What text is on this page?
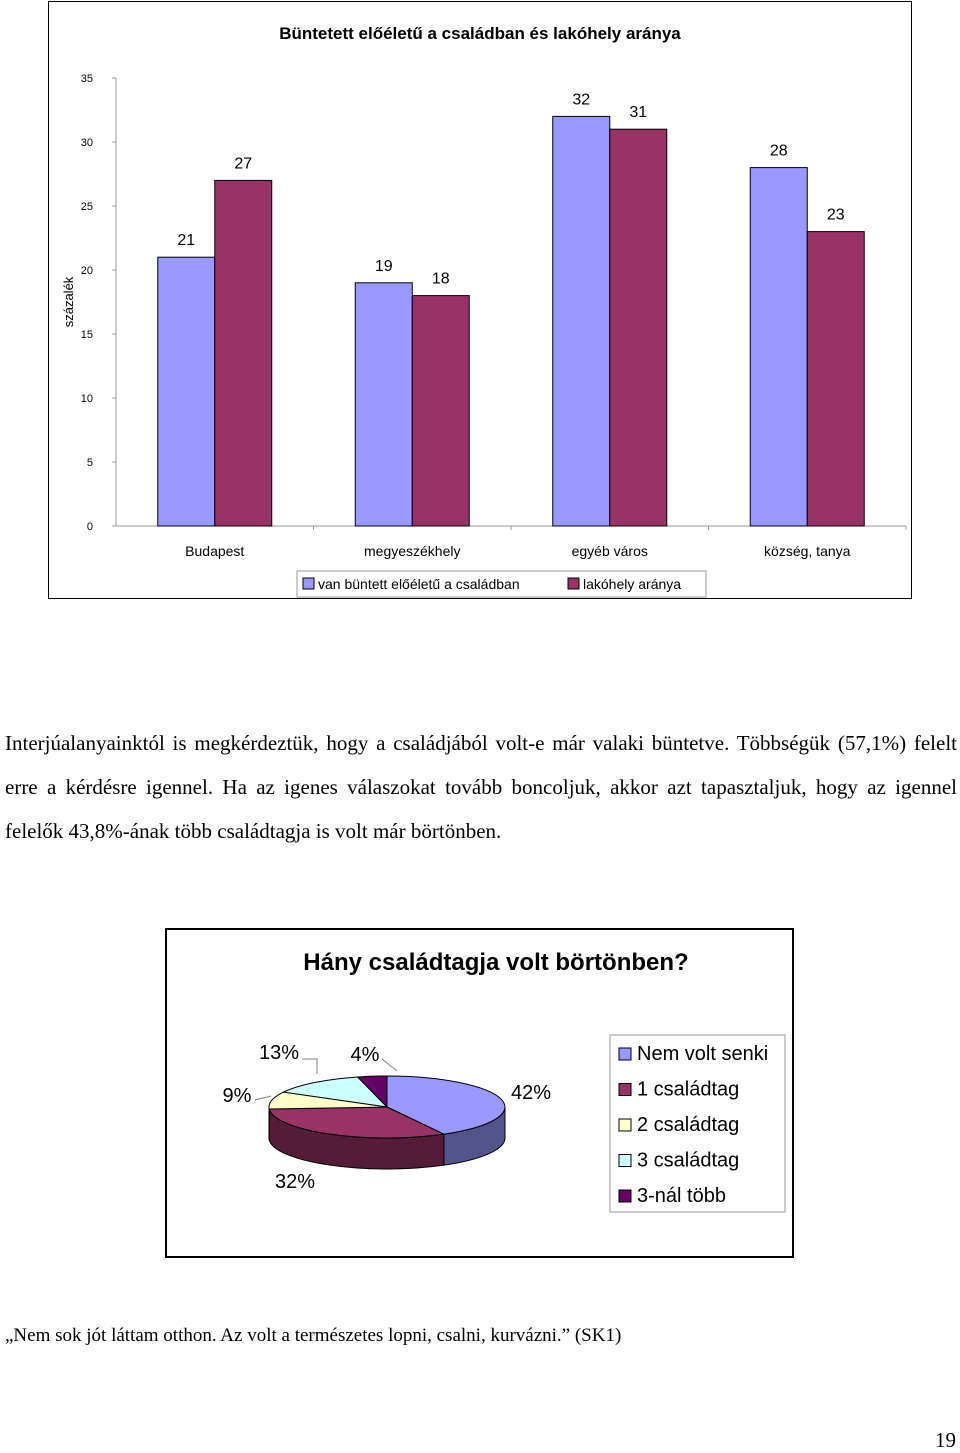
Büntetett előéletű a családban és lakóhely aránya
százalék
0
5
10
15
20
25
30
35
Budapest
21
27
megyeszékhely
19
18
egyéb város
32
31
község, tanya
28
23
van büntett előéletű a családban	lakóhely aránya

Interjúalanyainktól is megkérdeztük, hogy a családjából volt-e már valaki büntetve. Többségük (57,1%) felelt erre a kérdésre igennel. Ha az igenes válaszokat tovább boncoljuk, akkor azt tapasztaljuk, hogy az igennel felelők 43,8%-ának több családtagja is volt már börtönben.

Hány családtagja volt börtönben?
42%
32%
9%
13%	4%	Nem volt senki
1 családtag
2 családtag
3 családtag
3-nál több
„Nem sok jót láttam otthon. Az volt a természetes lopni, csalni, kurvázni.” (SK1)
19
